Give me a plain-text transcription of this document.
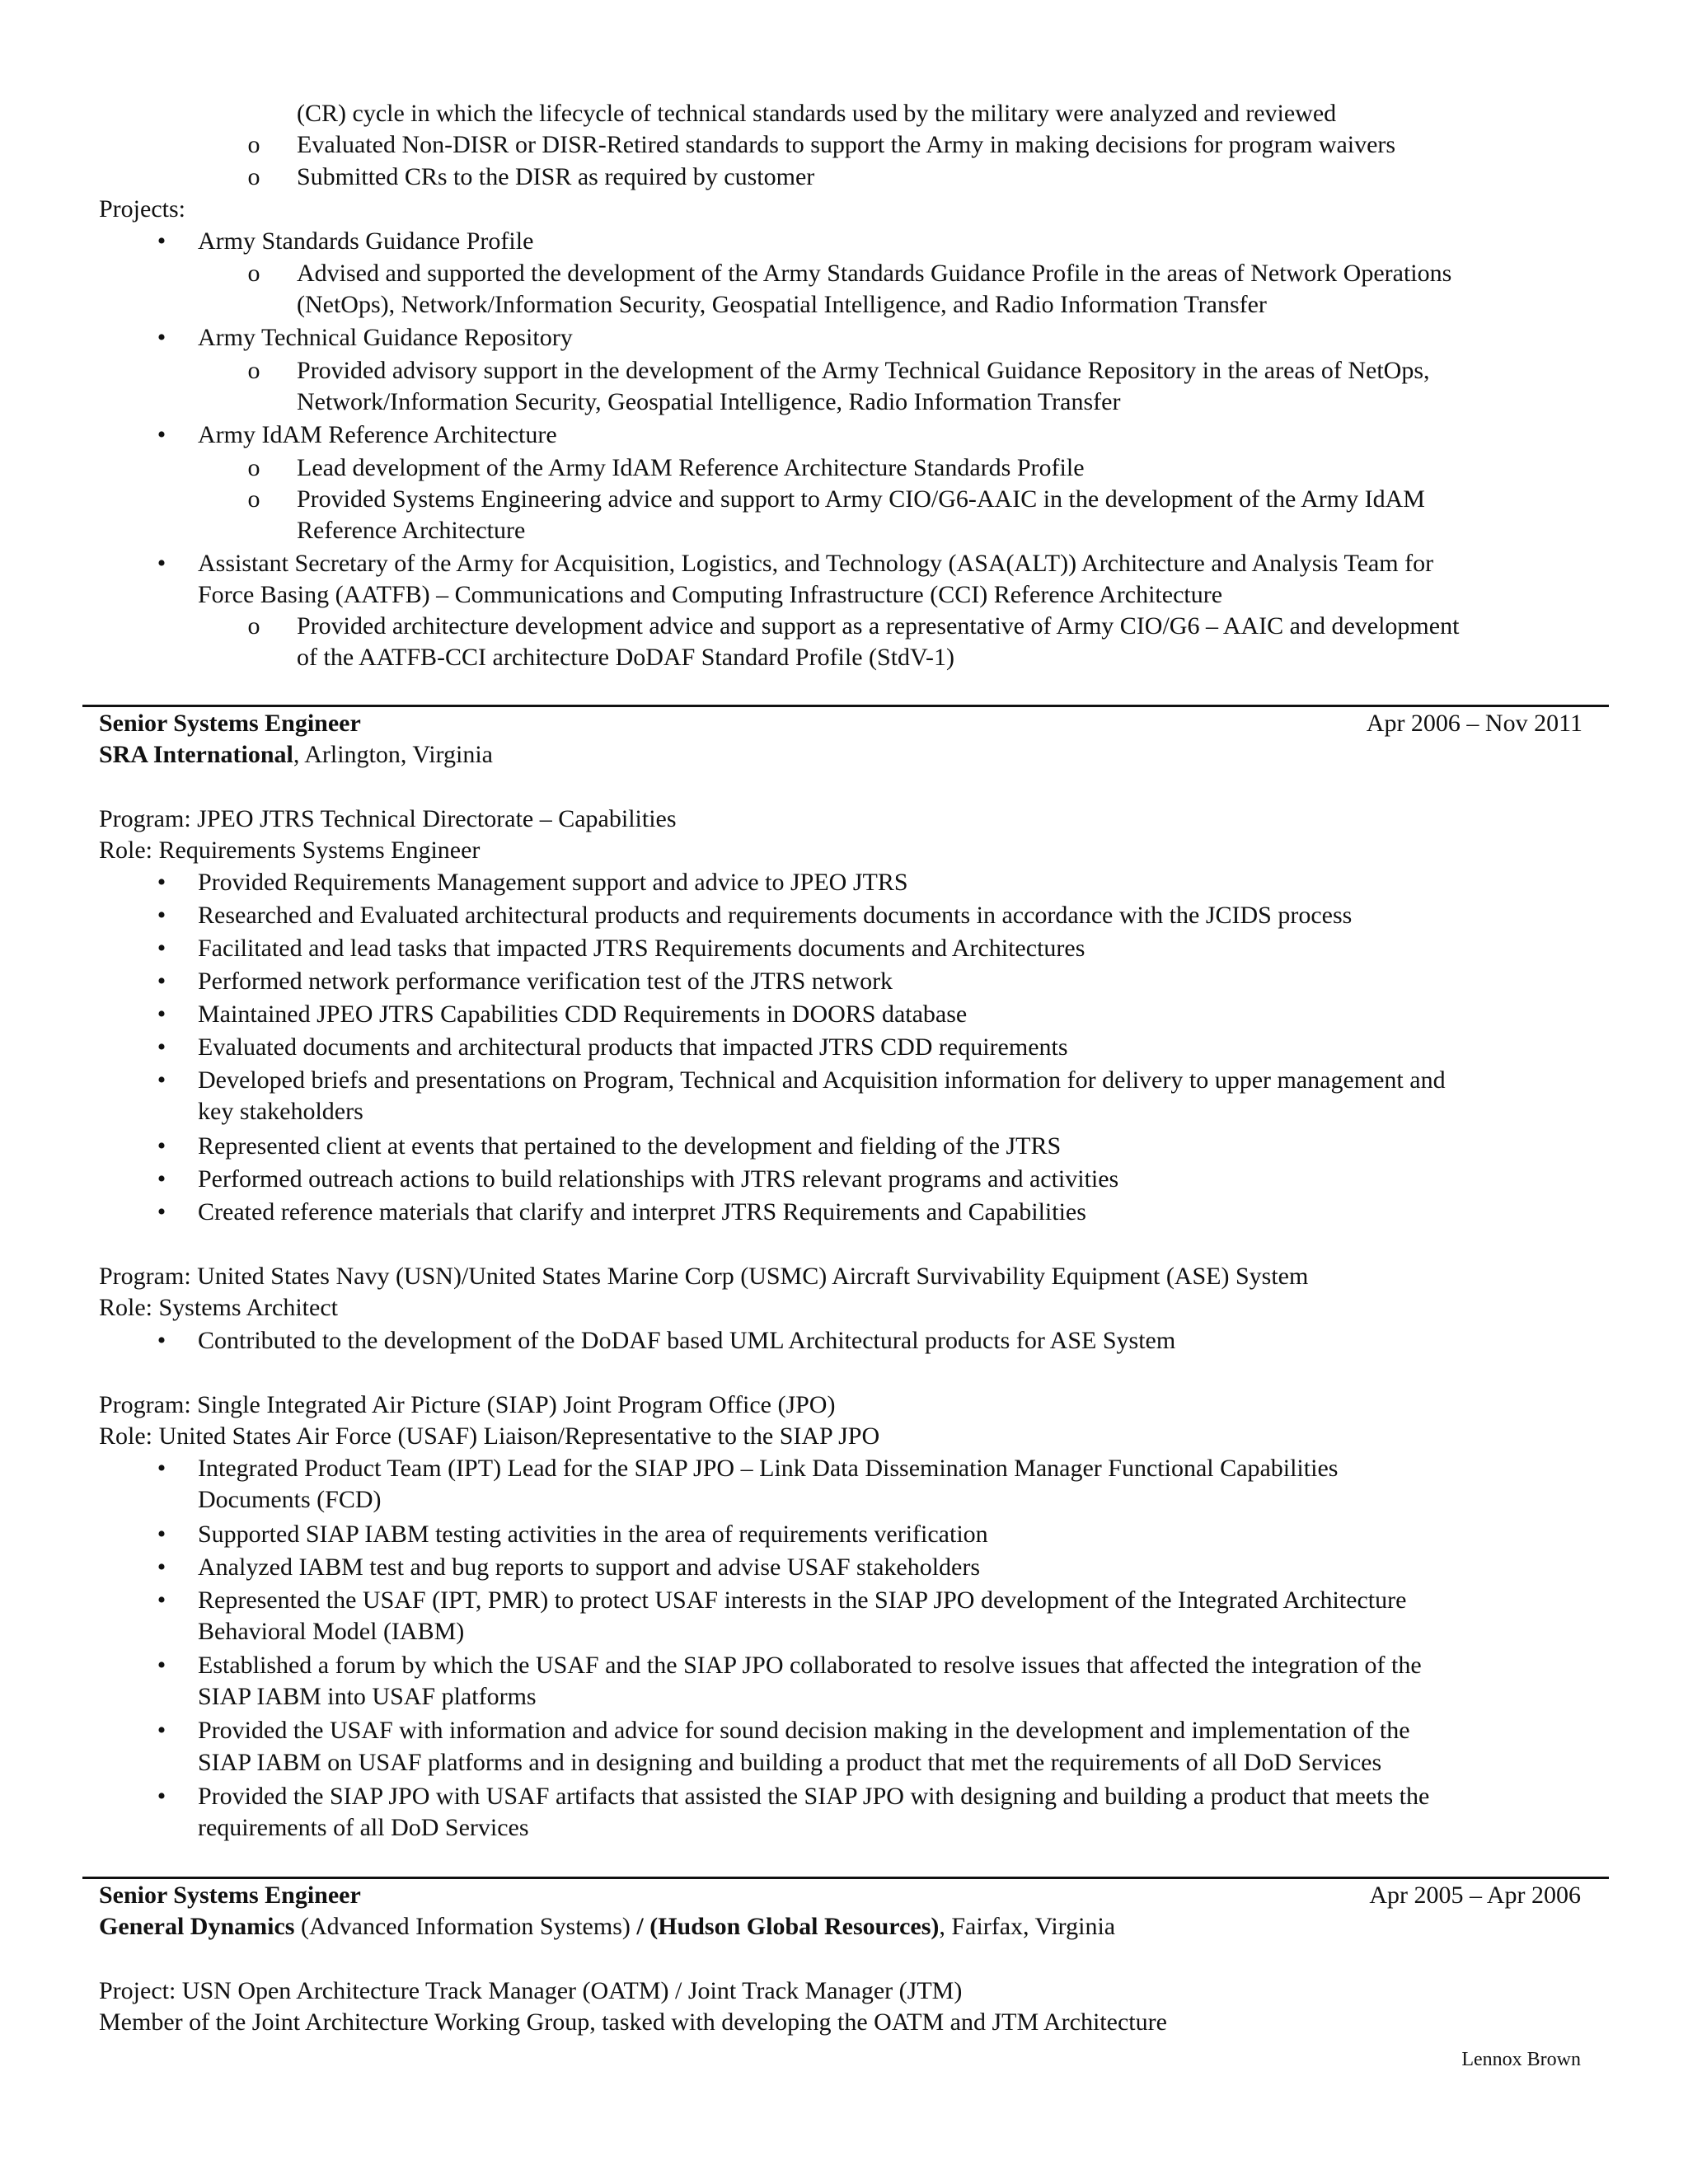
(CR) cycle in which the lifecycle of technical standards used by the military were analyzed and reviewed
o Evaluated Non-DISR or DISR-Retired standards to support the Army in making decisions for program waivers
o Submitted CRs to the DISR as required by customer
Projects:
• Army Standards Guidance Profile
o Advised and supported the development of the Army Standards Guidance Profile in the areas of Network Operations
(NetOps), Network/Information Security, Geospatial Intelligence, and Radio Information Transfer
• Army Technical Guidance Repository
o Provided advisory support in the development of the Army Technical Guidance Repository in the areas of NetOps,
Network/Information Security, Geospatial Intelligence, Radio Information Transfer
• Army IdAM Reference Architecture
o Lead development of the Army IdAM Reference Architecture Standards Profile
o Provided Systems Engineering advice and support to Army CIO/G6-AAIC in the development of the Army IdAM
Reference Architecture
• Assistant Secretary of the Army for Acquisition, Logistics, and Technology (ASA(ALT)) Architecture and Analysis Team for
Force Basing (AATFB) – Communications and Computing Infrastructure (CCI) Reference Architecture
o Provided architecture development advice and support as a representative of Army CIO/G6 – AAIC and development
of the AATFB-CCI architecture DoDAF Standard Profile (StdV-1)
Senior Systems Engineer	Apr 2006 – Nov 2011
SRA International, Arlington, Virginia
Program: JPEO JTRS Technical Directorate – Capabilities
Role: Requirements Systems Engineer
• Provided Requirements Management support and advice to JPEO JTRS
• Researched and Evaluated architectural products and requirements documents in accordance with the JCIDS process
• Facilitated and lead tasks that impacted JTRS Requirements documents and Architectures
• Performed network performance verification test of the JTRS network
• Maintained JPEO JTRS Capabilities CDD Requirements in DOORS database
• Evaluated documents and architectural products that impacted JTRS CDD requirements
• Developed briefs and presentations on Program, Technical and Acquisition information for delivery to upper management and
key stakeholders
• Represented client at events that pertained to the development and fielding of the JTRS
• Performed outreach actions to build relationships with JTRS relevant programs and activities
• Created reference materials that clarify and interpret JTRS Requirements and Capabilities
Program: United States Navy (USN)/United States Marine Corp (USMC) Aircraft Survivability Equipment (ASE) System
Role: Systems Architect
• Contributed to the development of the DoDAF based UML Architectural products for ASE System
Program: Single Integrated Air Picture (SIAP) Joint Program Office (JPO)
Role: United States Air Force (USAF) Liaison/Representative to the SIAP JPO
• Integrated Product Team (IPT) Lead for the SIAP JPO – Link Data Dissemination Manager Functional Capabilities
Documents (FCD)
• Supported SIAP IABM testing activities in the area of requirements verification
• Analyzed IABM test and bug reports to support and advise USAF stakeholders
• Represented the USAF (IPT, PMR) to protect USAF interests in the SIAP JPO development of the Integrated Architecture
Behavioral Model (IABM)
• Established a forum by which the USAF and the SIAP JPO collaborated to resolve issues that affected the integration of the
SIAP IABM into USAF platforms
• Provided the USAF with information and advice for sound decision making in the development and implementation of the
SIAP IABM on USAF platforms and in designing and building a product that met the requirements of all DoD Services
• Provided the SIAP JPO with USAF artifacts that assisted the SIAP JPO with designing and building a product that meets the
requirements of all DoD Services
Senior Systems Engineer	Apr 2005 – Apr 2006
General Dynamics (Advanced Information Systems) / (Hudson Global Resources), Fairfax, Virginia
Project: USN Open Architecture Track Manager (OATM) / Joint Track Manager (JTM)
Member of the Joint Architecture Working Group, tasked with developing the OATM and JTM Architecture
Lennox Brown
